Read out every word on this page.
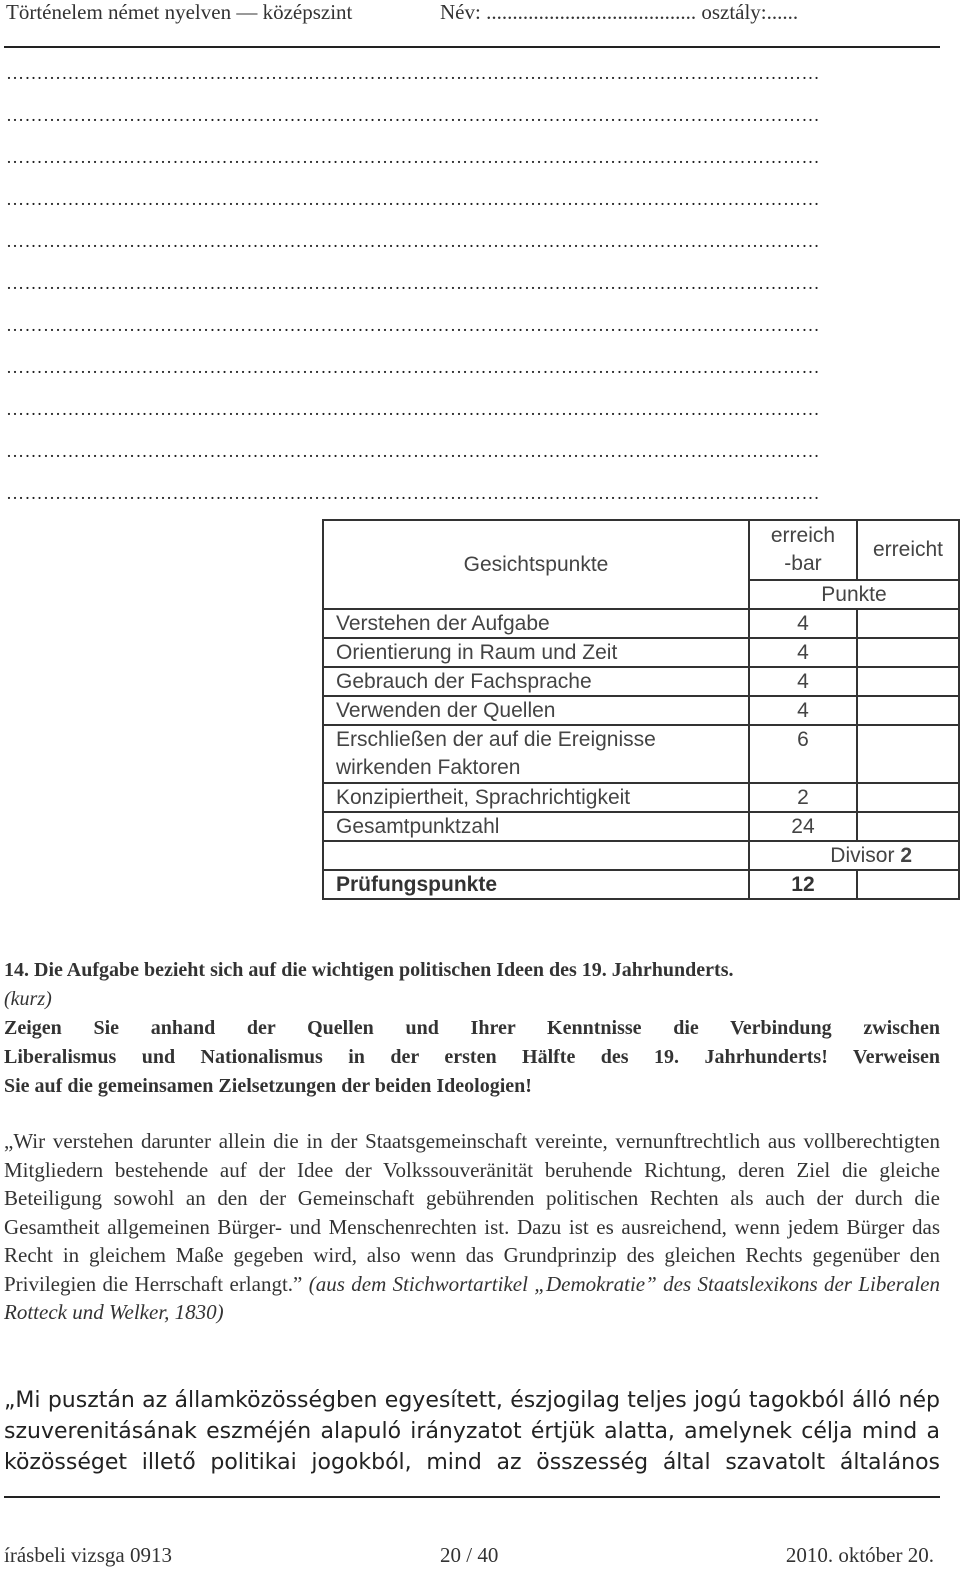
Történelem német nyelven — középszint	Név: ........................................ osztály:......
……………………………………………………………………………………………………………………
……………………………………………………………………………………………………………………
……………………………………………………………………………………………………………………
……………………………………………………………………………………………………………………
……………………………………………………………………………………………………………………
……………………………………………………………………………………………………………………
……………………………………………………………………………………………………………………
……………………………………………………………………………………………………………………
……………………………………………………………………………………………………………………
……………………………………………………………………………………………………………………
……………………………………………………………………………………………………………………
Gesichtspunkte	erreich-bar	erreicht
	Punkte	
Verstehen der Aufgabe	4	
Orientierung in Raum und Zeit	4	
Gebrauch der Fachsprache	4	
Verwenden der Quellen	4	
Erschließen der auf die Ereignisse wirkenden Faktoren	6	
Konzipiertheit, Sprachrichtigkeit	2	
Gesamtpunktzahl	24	
	Divisor 2	
Prüfungspunkte	12	
14. Die Aufgabe bezieht sich auf die wichtigen politischen Ideen des 19. Jahrhunderts.
(kurz)
Zeigen Sie anhand der Quellen und Ihrer Kenntnisse die Verbindung zwischen
Liberalismus und Nationalismus in der ersten Hälfte des 19. Jahrhunderts! Verweisen
Sie auf die gemeinsamen Zielsetzungen der beiden Ideologien!
„Wir verstehen darunter allein die in der Staatsgemeinschaft vereinte, vernunftrechtlich aus vollberechtigten Mitgliedern bestehende auf der Idee der Volkssouveränität beruhende Richtung, deren Ziel die gleiche Beteiligung sowohl an den der Gemeinschaft gebührenden politischen Rechten als auch der durch die Gesamtheit allgemeinen Bürger- und Menschenrechten ist. Dazu ist es ausreichend, wenn jedem Bürger das Recht in gleichem Maße gegeben wird, also wenn das Grundprinzip des gleichen Rechts gegenüber den Privilegien die Herrschaft erlangt.” (aus dem Stichwortartikel „Demokratie” des Staatslexikons der Liberalen Rotteck und Welker, 1830)
„Mi pusztán az államközösségben egyesített, észjogilag teljes jogú tagokból álló nép
szuverenitásának eszméjén alapuló irányzatot értjük alatta, amelynek célja mind a
közösséget illető politikai jogokból, mind az összesség által szavatolt általános
írásbeli vizsga 0913	20 / 40	2010. október 20.
